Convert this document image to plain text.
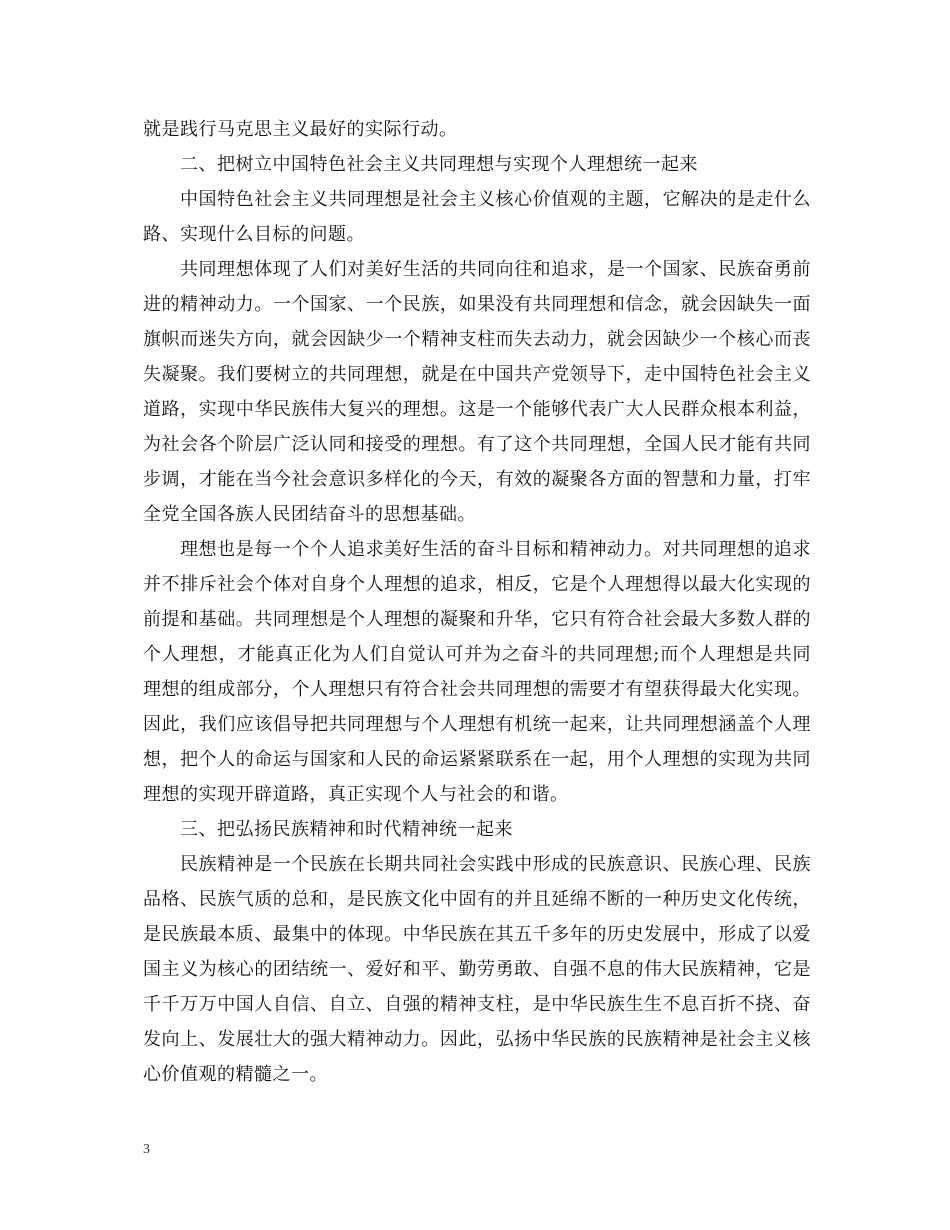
就是践行马克思主义最好的实际行动。

二、把树立中国特色社会主义共同理想与实现个人理想统一起来

中国特色社会主义共同理想是社会主义核心价值观的主题，它解决的是走什么路、实现什么目标的问题。

共同理想体现了人们对美好生活的共同向往和追求，是一个国家、民族奋勇前进的精神动力。一个国家、一个民族，如果没有共同理想和信念，就会因缺失一面旗帜而迷失方向，就会因缺少一个精神支柱而失去动力，就会因缺少一个核心而丧失凝聚。我们要树立的共同理想，就是在中国共产党领导下，走中国特色社会主义道路，实现中华民族伟大复兴的理想。这是一个能够代表广大人民群众根本利益，为社会各个阶层广泛认同和接受的理想。有了这个共同理想，全国人民才能有共同步调，才能在当今社会意识多样化的今天，有效的凝聚各方面的智慧和力量，打牢全党全国各族人民团结奋斗的思想基础。

理想也是每一个个人追求美好生活的奋斗目标和精神动力。对共同理想的追求并不排斥社会个体对自身个人理想的追求，相反，它是个人理想得以最大化实现的前提和基础。共同理想是个人理想的凝聚和升华，它只有符合社会最大多数人群的个人理想，才能真正化为人们自觉认可并为之奋斗的共同理想;而个人理想是共同理想的组成部分，个人理想只有符合社会共同理想的需要才有望获得最大化实现。因此，我们应该倡导把共同理想与个人理想有机统一起来，让共同理想涵盖个人理想，把个人的命运与国家和人民的命运紧紧联系在一起，用个人理想的实现为共同理想的实现开辟道路，真正实现个人与社会的和谐。

三、把弘扬民族精神和时代精神统一起来

民族精神是一个民族在长期共同社会实践中形成的民族意识、民族心理、民族品格、民族气质的总和，是民族文化中固有的并且延绵不断的一种历史文化传统，是民族最本质、最集中的体现。中华民族在其五千多年的历史发展中，形成了以爱国主义为核心的团结统一、爱好和平、勤劳勇敢、自强不息的伟大民族精神，它是千千万万中国人自信、自立、自强的精神支柱，是中华民族生生不息百折不挠、奋发向上、发展壮大的强大精神动力。因此，弘扬中华民族的民族精神是社会主义核心价值观的精髓之一。

3
